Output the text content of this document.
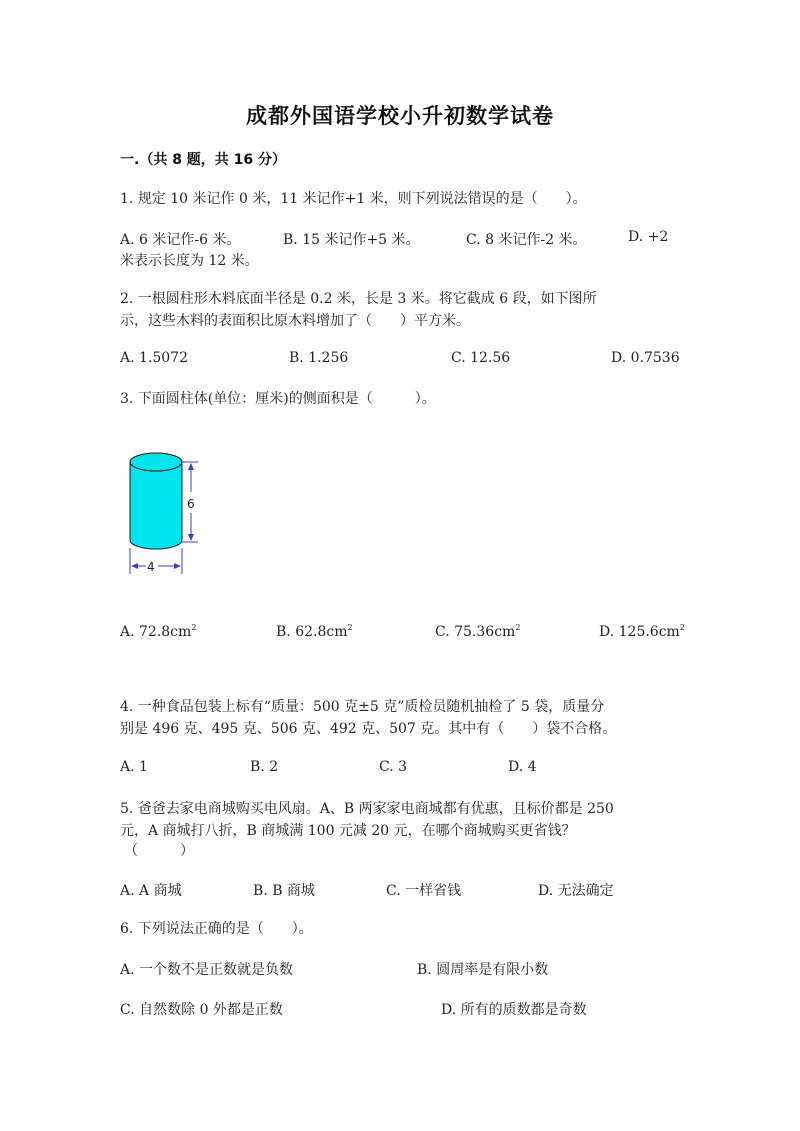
成都外国语学校小升初数学试卷
一.（共 8 题，共 16 分）
1. 规定 10 米记作 0 米，11 米记作+1 米，则下列说法错误的是（　　）。
A. 6 米记作-6 米。	B. 15 米记作+5 米。	C. 8 米记作-2 米。	D. +2
米表示长度为 12 米。
2. 一根圆柱形木料底面半径是 0.2 米，长是 3 米。将它截成 6 段，如下图所
示，这些木料的表面积比原木料增加了（　　）平方米。
A. 1.5072	B. 1.256	C. 12.56	D. 0.7536
3. 下面圆柱体(单位：厘米)的侧面积是（　　　）。
6
4
A. $72.8cm^2$	B. $62.8cm^2$	C. $75.36cm^2$	D. $125.6cm^2$
4. 一种食品包装上标有“质量：500 克±5 克”质检员随机抽检了 5 袋，质量分
别是 496 克、495 克、506 克、492 克、507 克。其中有（　　）袋不合格。
A. 1	B. 2	C. 3	D. 4
5. 爸爸去家电商城购买电风扇。A、B 两家家电商城都有优惠，且标价都是 250
元，A 商城打八折，B 商城满 100 元减 20 元，在哪个商城购买更省钱？
（　　　）
A. A 商城	B. B 商城	C. 一样省钱	D. 无法确定
6. 下列说法正确的是（　　）。
A. 一个数不是正数就是负数	B. 圆周率是有限小数
C. 自然数除 0 外都是正数	D. 所有的质数都是奇数
